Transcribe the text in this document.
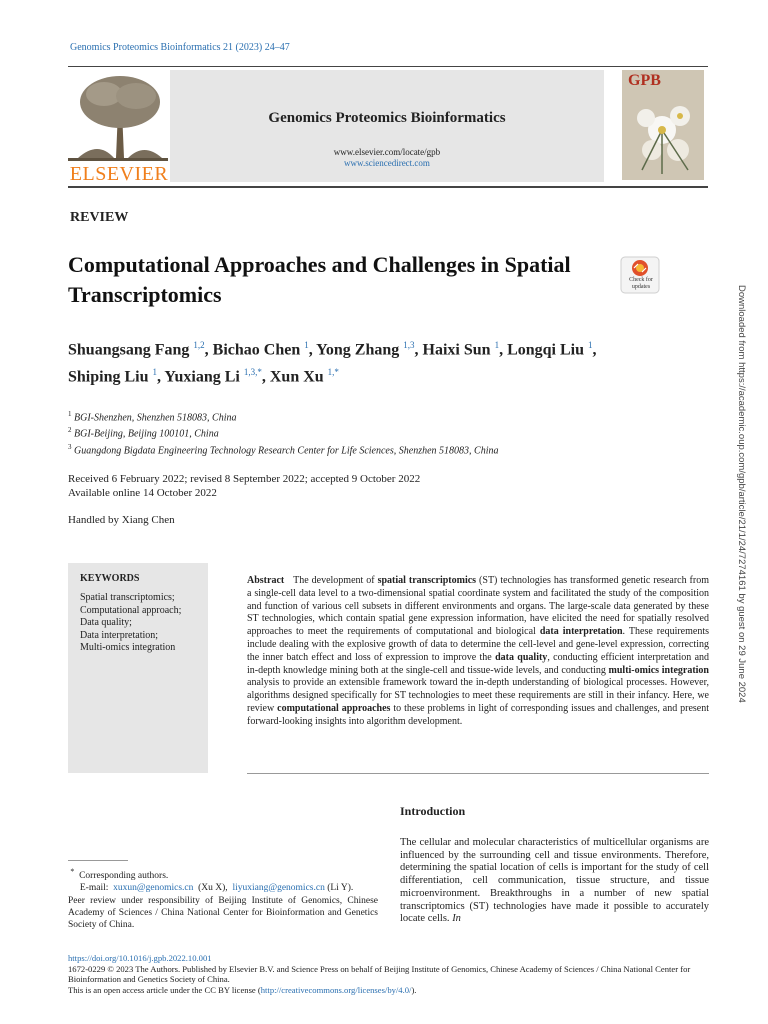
Genomics Proteomics Bioinformatics 21 (2023) 24–47
ELSEVIER
Genomics Proteomics Bioinformatics
www.elsevier.com/locate/gpb
www.sciencedirect.com
GPB
REVIEW
Computational Approaches and Challenges in Spatial Transcriptomics
Check for updates
Shuangsang Fang $^{1,2}$, Bichao Chen $^1$, Yong Zhang $^{1,3}$, Haixi Sun $^1$, Longqi Liu $^1$,
Shiping Liu $^1$, Yuxiang Li $^{1,3,*}$, Xun Xu $^{1,*}$
$^1$ BGI-Shenzhen, Shenzhen 518083, China
$^2$ BGI-Beijing, Beijing 100101, China
$^3$ Guangdong Bigdata Engineering Technology Research Center for Life Sciences, Shenzhen 518083, China
Received 6 February 2022; revised 8 September 2022; accepted 9 October 2022
Available online 14 October 2022
Handled by Xiang Chen
KEYWORDS
Spatial transcriptomics;
Computational approach;
Data quality;
Data interpretation;
Multi-omics integration
Abstract The development of spatial transcriptomics (ST) technologies has transformed genetic research from a single-cell data level to a two-dimensional spatial coordinate system and facilitated the study of the composition and function of various cell subsets in different environments and organs. The large-scale data generated by these ST technologies, which contain spatial gene expression information, have elicited the need for spatially resolved approaches to meet the requirements of computational and biological data interpretation. These requirements include dealing with the explosive growth of data to determine the cell-level and gene-level expression, correcting the inner batch effect and loss of expression to improve the data quality, conducting efficient interpretation and in-depth knowledge mining both at the single-cell and tissue-wide levels, and conducting multi-omics integration analysis to provide an extensible framework toward the in-depth understanding of biological processes. However, algorithms designed specifically for ST technologies to meet these requirements are still in their infancy. Here, we review computational approaches to these problems in light of corresponding issues and challenges, and present forward-looking insights into algorithm development.
Introduction
The cellular and molecular characteristics of multicellular organisms are influenced by the surrounding cell and tissue environments. Therefore, determining the spatial location of cells is important for the study of cell differentiation, cell communication, tissue structure, and tissue microenvironment. Breakthroughs in a number of new spatial transcriptomics (ST) technologies have made it possible to accurately locate cells. In
* Corresponding authors.
E-mail: xuxun@genomics.cn (Xu X), liyuxiang@genomics.cn (Li Y).
Peer review under responsibility of Beijing Institute of Genomics, Chinese Academy of Sciences / China National Center for Bioinformation and Genetics Society of China.
https://doi.org/10.1016/j.gpb.2022.10.001
1672-0229 © 2023 The Authors. Published by Elsevier B.V. and Science Press on behalf of Beijing Institute of Genomics, Chinese Academy of Sciences / China National Center for Bioinformation and Genetics Society of China.
This is an open access article under the CC BY license (http://creativecommons.org/licenses/by/4.0/).
Downloaded from https://academic.oup.com/gpb/article/21/1/24/7274161 by guest on 29 June 2024
